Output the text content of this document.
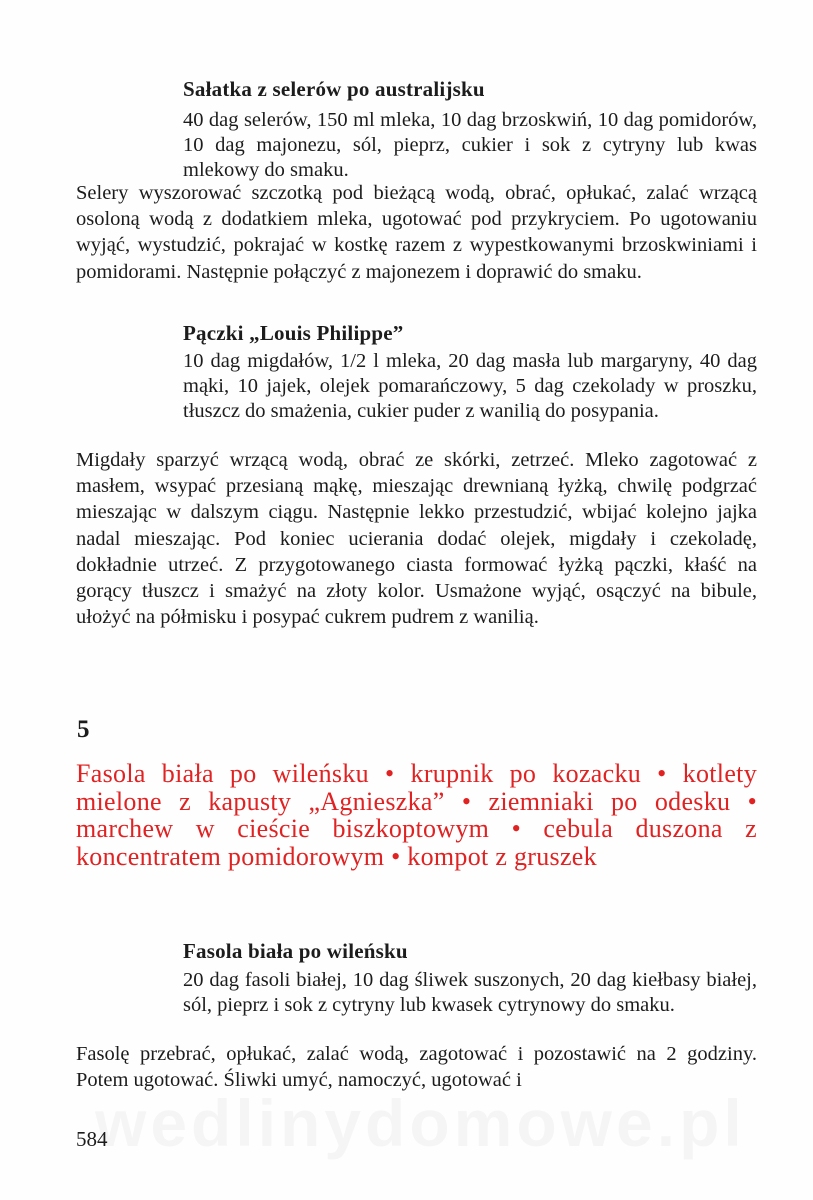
Sałatka z selerów po australijsku

40 dag selerów, 150 ml mleka, 10 dag brzoskwiń, 10 dag pomidorów, 10 dag majonezu, sól, pieprz, cukier i sok z cytryny lub kwas mlekowy do smaku.

Selery wyszorować szczotką pod bieżącą wodą, obrać, opłukać, zalać wrzącą osoloną wodą z dodatkiem mleka, ugotować pod przykryciem. Po ugotowaniu wyjąć, wystudzić, pokrajać w kostkę razem z wypestkowanymi brzoskwiniami i pomidorami. Następnie połączyć z majonezem i doprawić do smaku.

Pączki „Louis Philippe”

10 dag migdałów, 1/2 l mleka, 20 dag masła lub margaryny, 40 dag mąki, 10 jajek, olejek pomarańczowy, 5 dag czekolady w proszku, tłuszcz do smażenia, cukier puder z wanilią do posypania.

Migdały sparzyć wrzącą wodą, obrać ze skórki, zetrzeć. Mleko zagotować z masłem, wsypać przesianą mąkę, mieszając drewnianą łyżką, chwilę podgrzać mieszając w dalszym ciągu. Następnie lekko przestudzić, wbijać kolejno jajka nadal mieszając. Pod koniec ucierania dodać olejek, migdały i czekoladę, dokładnie utrzeć. Z przygotowanego ciasta formować łyżką pączki, kłaść na gorący tłuszcz i smażyć na złoty kolor. Usmażone wyjąć, osączyć na bibule, ułożyć na półmisku i posypać cukrem pudrem z wanilią.

5

Fasola biała po wileńsku • krupnik po kozacku • kotlety mielone z kapusty „Agnieszka” • ziemniaki po odesku • marchew w cieście biszkoptowym • cebula duszona z koncentratem pomidorowym • kompot z gruszek

Fasola biała po wileńsku

20 dag fasoli białej, 10 dag śliwek suszonych, 20 dag kiełbasy białej, sól, pieprz i sok z cytryny lub kwasek cytrynowy do smaku.

Fasolę przebrać, opłukać, zalać wodą, zagotować i pozostawić na 2 godziny. Potem ugotować. Śliwki umyć, namoczyć, ugotować i

584
